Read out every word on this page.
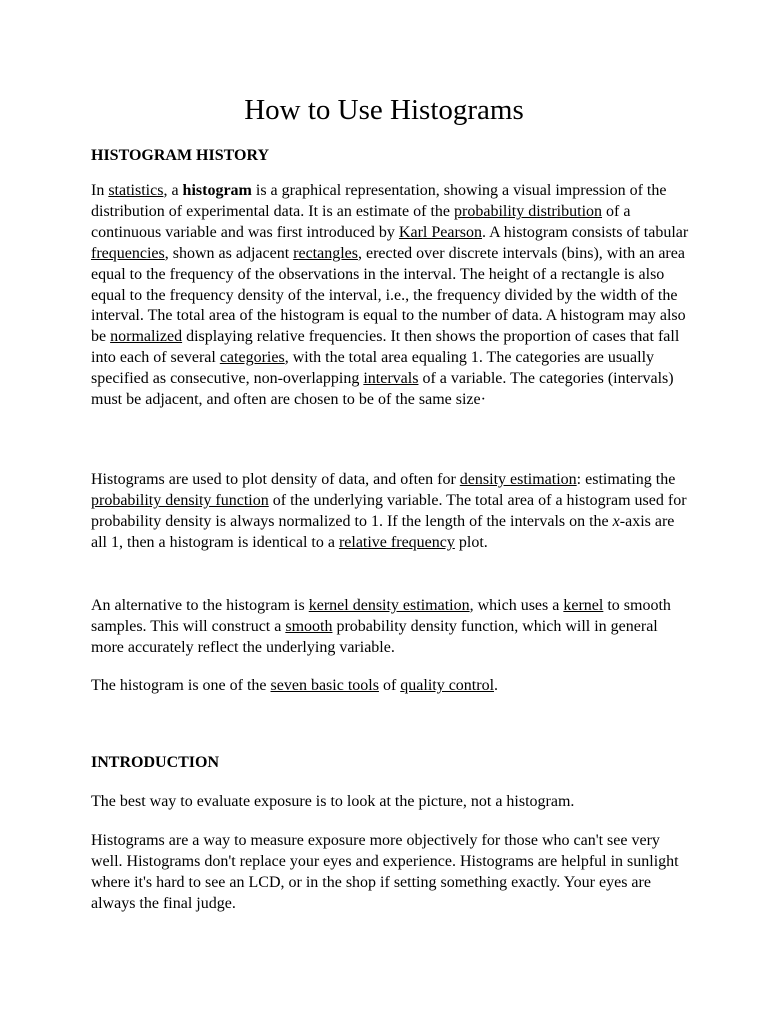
How to Use Histograms
HISTOGRAM HISTORY

In statistics, a histogram is a graphical representation, showing a visual impression of the distribution of experimental data. It is an estimate of the probability distribution of a continuous variable and was first introduced by Karl Pearson. A histogram consists of tabular frequencies, shown as adjacent rectangles, erected over discrete intervals (bins), with an area equal to the frequency of the observations in the interval. The height of a rectangle is also equal to the frequency density of the interval, i.e., the frequency divided by the width of the interval. The total area of the histogram is equal to the number of data. A histogram may also be normalized displaying relative frequencies. It then shows the proportion of cases that fall into each of several categories, with the total area equaling 1. The categories are usually specified as consecutive, non-overlapping intervals of a variable. The categories (intervals) must be adjacent, and often are chosen to be of the same size·

Histograms are used to plot density of data, and often for density estimation: estimating the probability density function of the underlying variable. The total area of a histogram used for probability density is always normalized to 1. If the length of the intervals on the x-axis are all 1, then a histogram is identical to a relative frequency plot.

An alternative to the histogram is kernel density estimation, which uses a kernel to smooth samples. This will construct a smooth probability density function, which will in general more accurately reflect the underlying variable.

The histogram is one of the seven basic tools of quality control.

INTRODUCTION

The best way to evaluate exposure is to look at the picture, not a histogram.

Histograms are a way to measure exposure more objectively for those who can't see very well. Histograms don't replace your eyes and experience. Histograms are helpful in sunlight where it's hard to see an LCD, or in the shop if setting something exactly. Your eyes are always the final judge.
